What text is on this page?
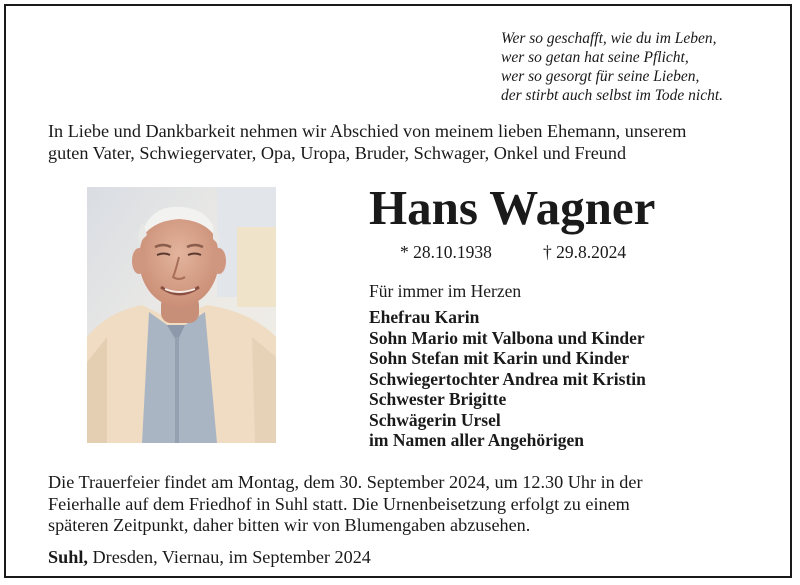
Wer so geschafft, wie du im Leben,
wer so getan hat seine Pflicht,
wer so gesorgt für seine Lieben,
der stirbt auch selbst im Tode nicht.
In Liebe und Dankbarkeit nehmen wir Abschied von meinem lieben Ehemann, unserem
guten Vater, Schwiegervater, Opa, Uropa, Bruder, Schwager, Onkel und Freund
Hans Wagner
* 28.10.1938	† 29.8.2024
Für immer im Herzen
Ehefrau Karin
Sohn Mario mit Valbona und Kinder
Sohn Stefan mit Karin und Kinder
Schwiegertochter Andrea mit Kristin
Schwester Brigitte
Schwägerin Ursel
im Namen aller Angehörigen
Die Trauerfeier findet am Montag, dem 30. September 2024, um 12.30 Uhr in der
Feierhalle auf dem Friedhof in Suhl statt. Die Urnenbeisetzung erfolgt zu einem
späteren Zeitpunkt, daher bitten wir von Blumengaben abzusehen.
Suhl, Dresden, Viernau, im September 2024
